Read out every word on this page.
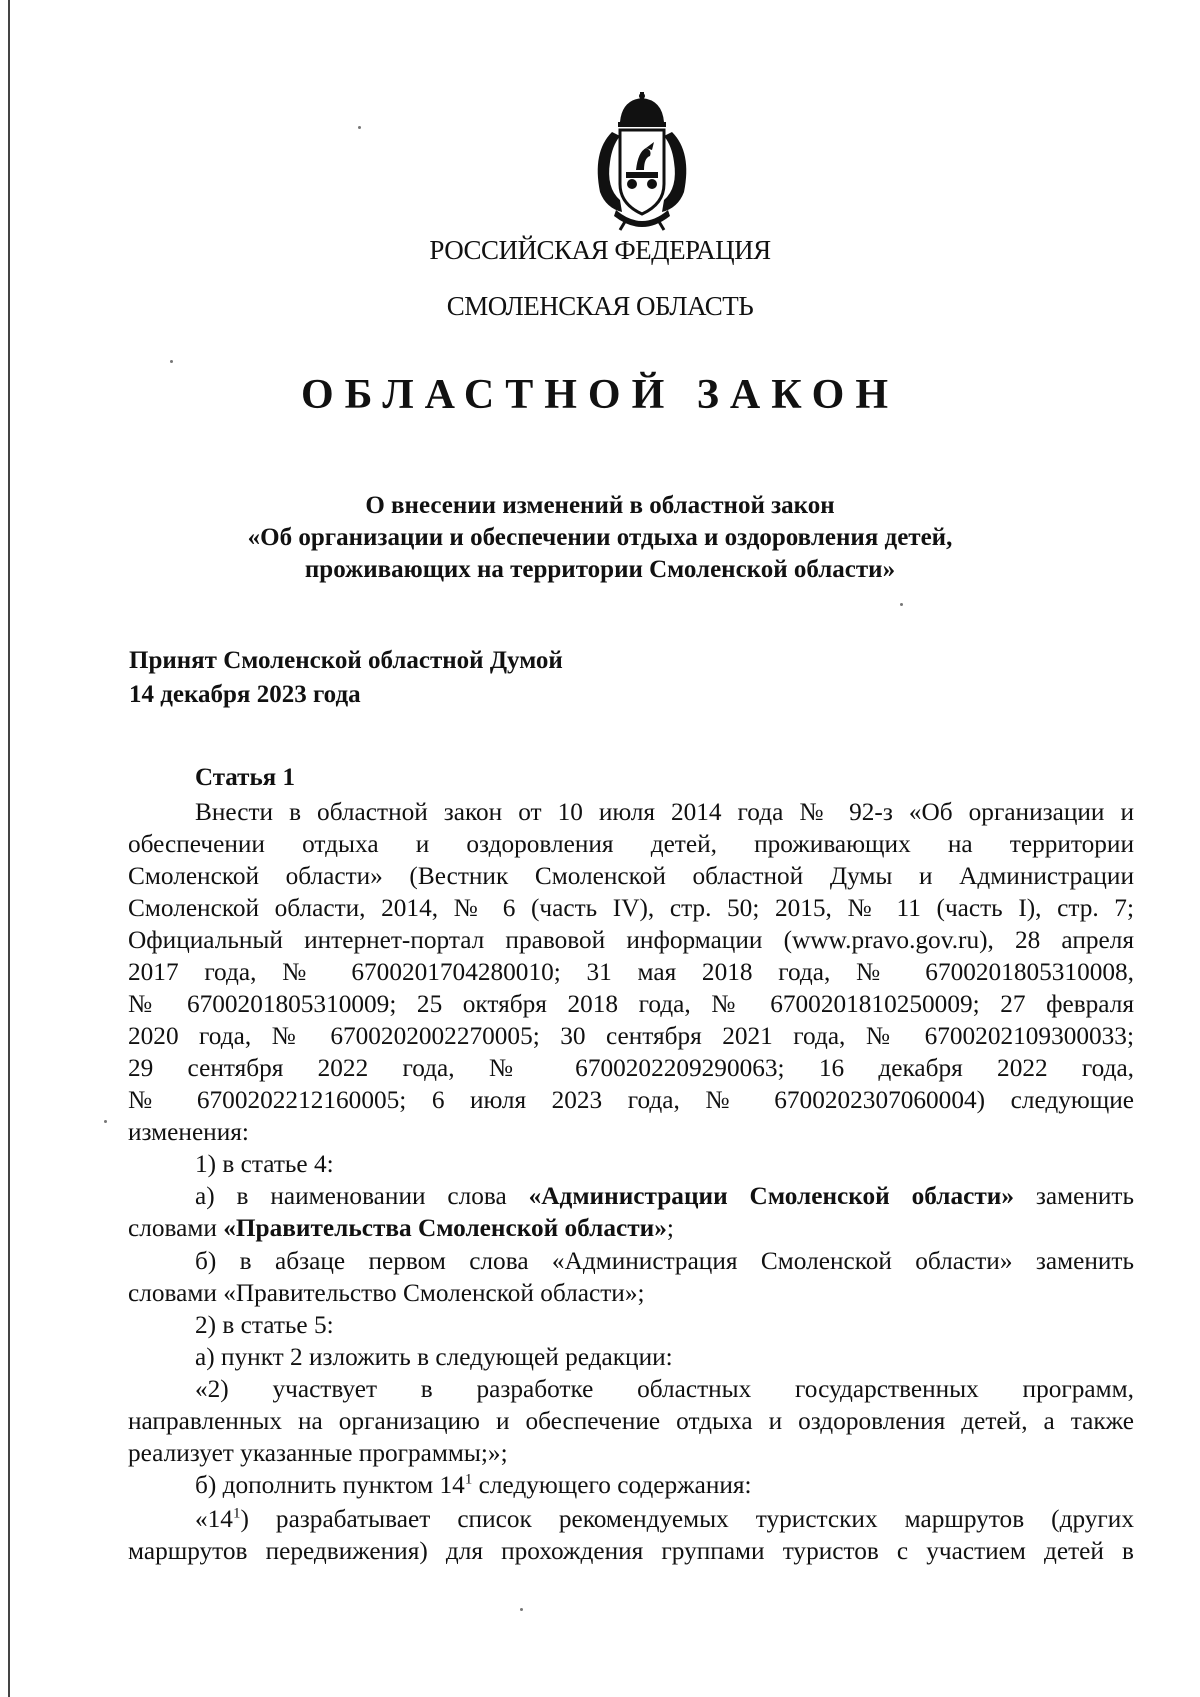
РОССИЙСКАЯ ФЕДЕРАЦИЯ
СМОЛЕНСКАЯ ОБЛАСТЬ
ОБЛАСТНОЙ ЗАКОН
О внесении изменений в областной закон
«Об организации и обеспечении отдыха и оздоровления детей,
проживающих на территории Смоленской области»
Принят Смоленской областной Думой
14 декабря 2023 года
Статья 1
Внести в областной закон от 10 июля 2014 года № 92-з «Об организации и
обеспечении отдыха и оздоровления детей, проживающих на территории
Смоленской области» (Вестник Смоленской областной Думы и Администрации
Смоленской области, 2014, № 6 (часть IV), стр. 50; 2015, № 11 (часть I), стр. 7;
Официальный интернет-портал правовой информации (www.pravo.gov.ru), 28 апреля
2017 года, № 6700201704280010; 31 мая 2018 года, № 6700201805310008,
№ 6700201805310009; 25 октября 2018 года, № 6700201810250009; 27 февраля
2020 года, № 6700202002270005; 30 сентября 2021 года, № 6700202109300033;
29 сентября 2022 года, № 6700202209290063; 16 декабря 2022 года,
№ 6700202212160005; 6 июля 2023 года, № 6700202307060004) следующие
изменения:
1) в статье 4:
а) в наименовании слова «Администрации Смоленской области» заменить
словами «Правительства Смоленской области»;
б) в абзаце первом слова «Администрация Смоленской области» заменить
словами «Правительство Смоленской области»;
2) в статье 5:
а) пункт 2 изложить в следующей редакции:
«2) участвует в разработке областных государственных программ,
направленных на организацию и обеспечение отдыха и оздоровления детей, а также
реализует указанные программы;»;
б) дополнить пунктом $14^1$ следующего содержания:
«$14^1$) разрабатывает список рекомендуемых туристских маршрутов (других
маршрутов передвижения) для прохождения группами туристов с участием детей в
